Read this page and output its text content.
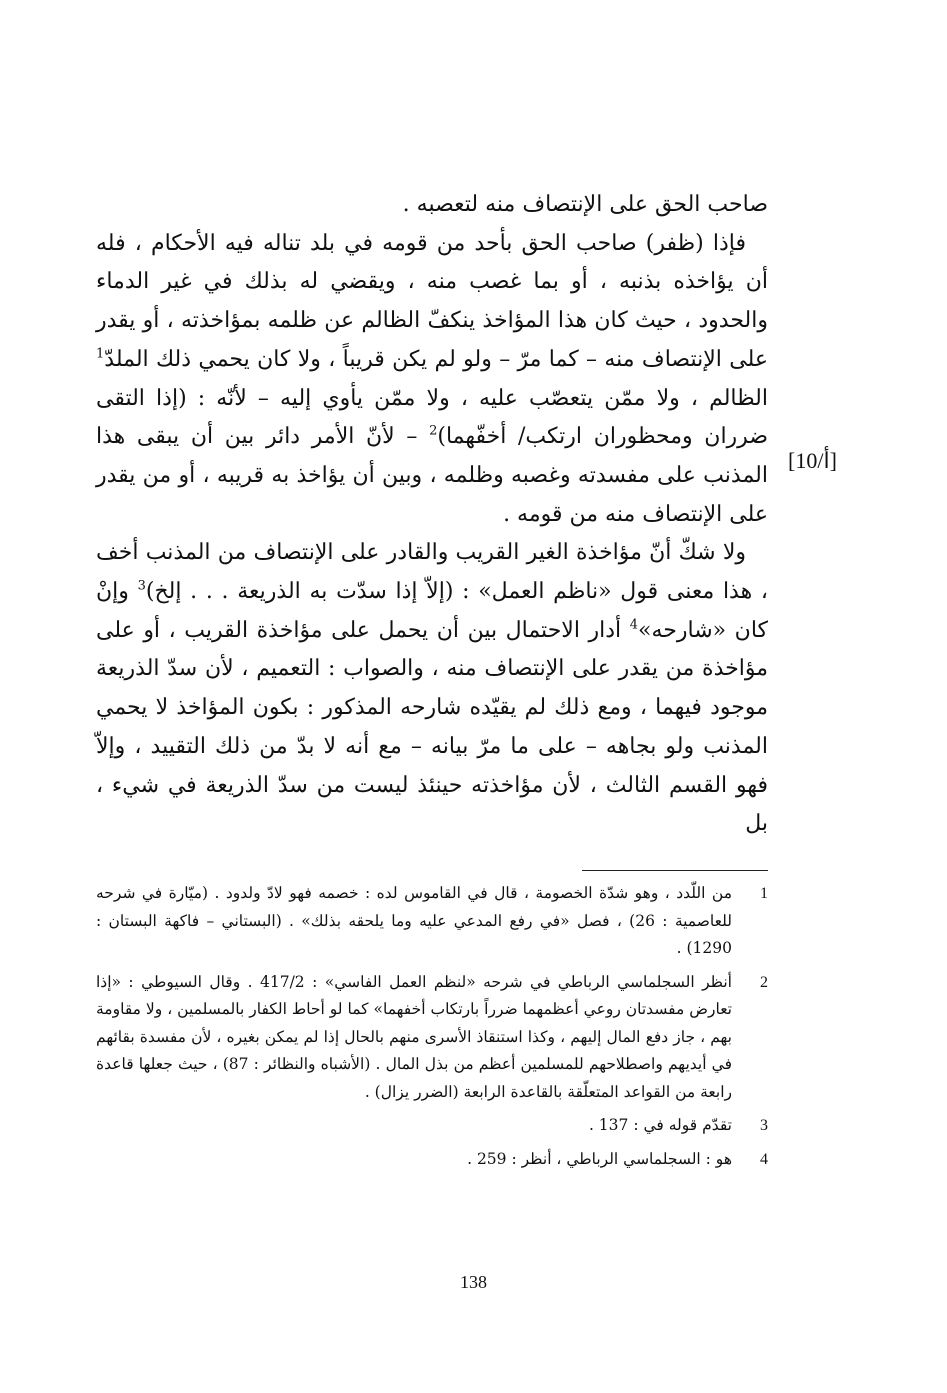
صاحب الحق على الإنتصاف منه لتعصبه .

فإذا (ظفر) صاحب الحق بأحد من قومه في بلد تناله فيه الأحكام ، فله أن يؤاخذه بذنبه ، أو بما غصب منه ، ويقضي له بذلك في غير الدماء والحدود ، حيث كان هذا المؤاخذ ينكفّ الظالم عن ظلمه بمؤاخذته ، أو يقدر على الإنتصاف منه – كما مرّ – ولو لم يكن قريباً ، ولا كان يحمي ذلك الملدّ$^1$ الظالم ، ولا ممّن يتعصّب عليه ، ولا ممّن يأوي إليه – لأنّه : (إذا التقى ضرران ومحظوران ارتكب/ أخفّهما)$^2$ – لأنّ الأمر دائر بين أن يبقى هذا المذنب على مفسدته وغصبه وظلمه ، وبين أن يؤاخذ به قريبه ، أو من يقدر على الإنتصاف منه من قومه .

ولا شكّ أنّ مؤاخذة الغير القريب والقادر على الإنتصاف من المذنب أخف ، هذا معنى قول «ناظم العمل» : (إلاّ إذا سدّت به الذريعة . . . إلخ)$^3$ وإنْ كان «شارحه»$^4$ أدار الاحتمال بين أن يحمل على مؤاخذة القريب ، أو على مؤاخذة من يقدر على الإنتصاف منه ، والصواب : التعميم ، لأن سدّ الذريعة موجود فيهما ، ومع ذلك لم يقيّده شارحه المذكور : بكون المؤاخذ لا يحمي المذنب ولو بجاهه – على ما مرّ بيانه – مع أنه لا بدّ من ذلك التقييد ، وإلاّ فهو القسم الثالث ، لأن مؤاخذته حينئذ ليست من سدّ الذريعة في شيء ، بل

[10/أ]
1
من اللّدد ، وهو شدّة الخصومة ، قال في القاموس لده : خصمه فهو لادّ ولدود . (ميّارة في شرحه للعاصمية : 26) ، فصل «في رفع المدعي عليه وما يلحقه بذلك» . (البستاني – فاكهة البستان : 1290) .
2
أنظر السجلماسي الرباطي في شرحه «لنظم العمل الفاسي» : 417/2 . وقال السيوطي : «إذا تعارض مفسدتان روعي أعظمهما ضرراً بارتكاب أخفهما» كما لو أحاط الكفار بالمسلمين ، ولا مقاومة بهم ، جاز دفع المال إليهم ، وكذا استنقاذ الأسرى منهم بالحال إذا لم يمكن بغيره ، لأن مفسدة بقائهم في أيديهم واصطلاحهم للمسلمين أعظم من بذل المال . (الأشباه والنظائر : 87) ، حيث جعلها قاعدة رابعة من القواعد المتعلّقة بالقاعدة الرابعة (الضرر يزال) .
3
تقدّم قوله في : 137 .
4
هو : السجلماسي الرباطي ، أنظر : 259 .
138
